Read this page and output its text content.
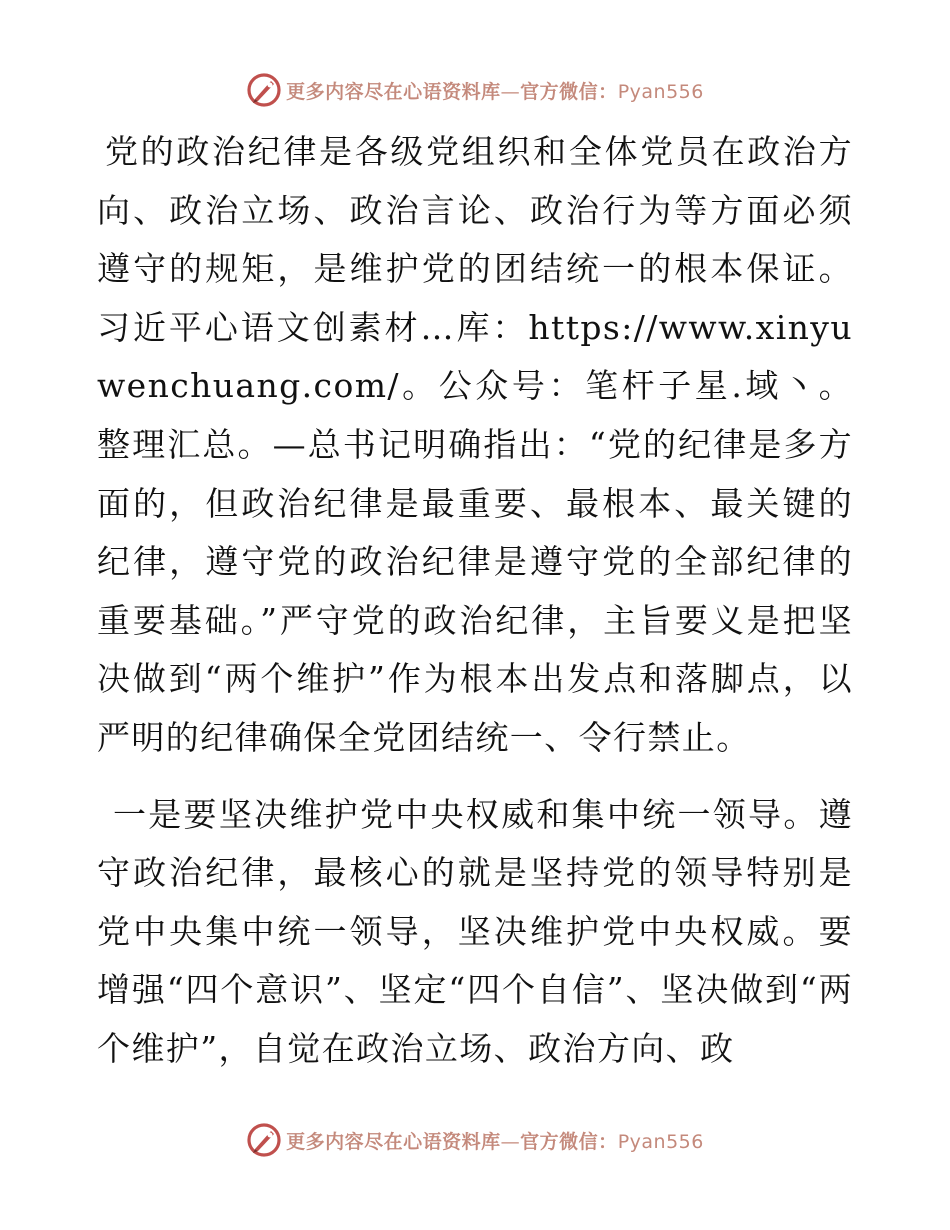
更多内容尽在心语资料库—官方微信：Pyan556

党的政治纪律是各级党组织和全体党员在政治方向、政治立场、政治言论、政治行为等方面必须遵守的规矩，是维护党的团结统一的根本保证。习近平心语文创素材…库：https://www.xinyuwenchuang.com/。公众号：笔杆子星.域丶。整理汇总。—总书记明确指出：“党的纪律是多方面的，但政治纪律是最重要、最根本、最关键的纪律，遵守党的政治纪律是遵守党的全部纪律的重要基础。”严守党的政治纪律，主旨要义是把坚决做到“两个维护”作为根本出发点和落脚点，以严明的纪律确保全党团结统一、令行禁止。

一是要坚决维护党中央权威和集中统一领导。遵守政治纪律，最核心的就是坚持党的领导特别是党中央集中统一领导，坚决维护党中央权威。要增强“四个意识”、坚定“四个自信”、坚决做到“两个维护”，自觉在政治立场、政治方向、政

更多内容尽在心语资料库—官方微信：Pyan556
